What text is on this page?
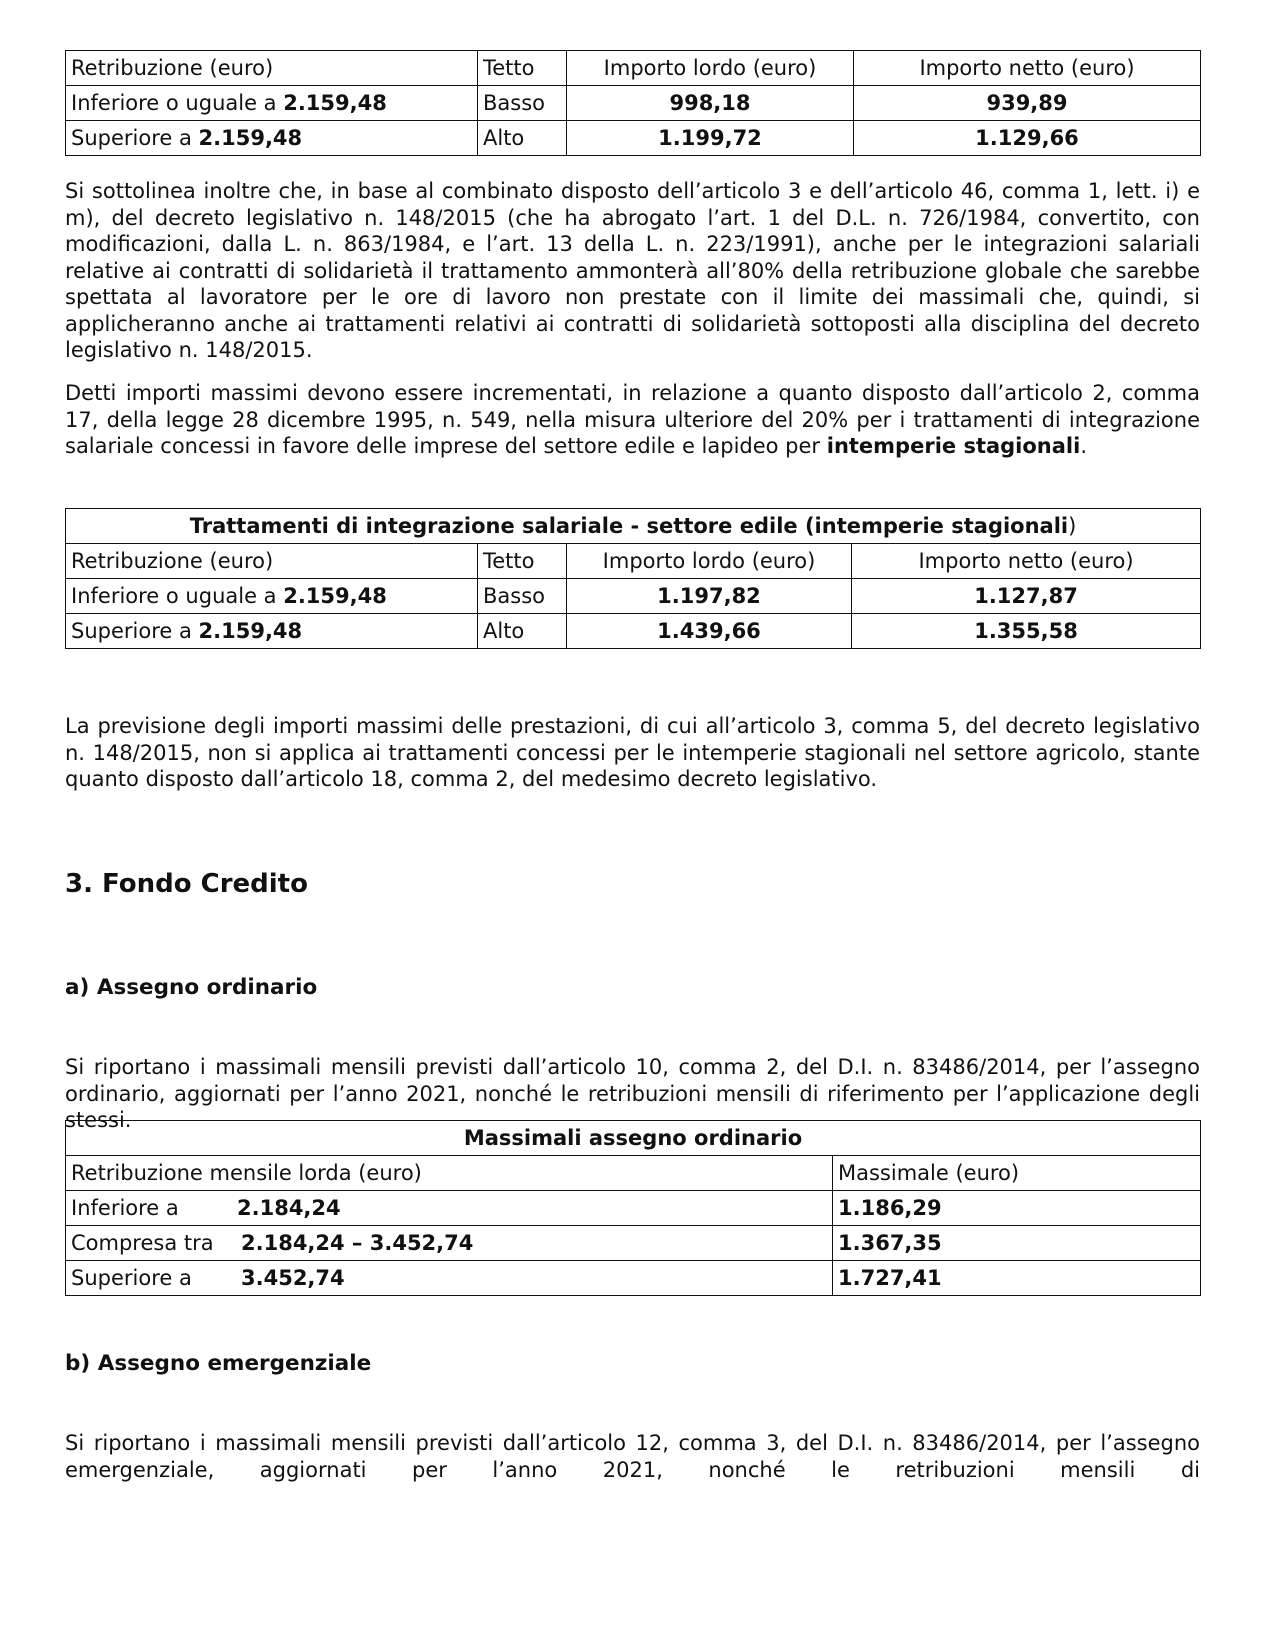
Retribuzione (euro)	Tetto	Importo lordo (euro)	Importo netto (euro)
Inferiore o uguale a 2.159,48	Basso	998,18	939,89
Superiore a 2.159,48	Alto	1.199,72	1.129,66

Si sottolinea inoltre che, in base al combinato disposto dell’articolo 3 e dell’articolo 46, comma 1, lett. i) e m), del decreto legislativo n. 148/2015 (che ha abrogato l’art. 1 del D.L. n. 726/1984, convertito, con modificazioni, dalla L. n. 863/1984, e l’art. 13 della L. n. 223/1991), anche per le integrazioni salariali relative ai contratti di solidarietà il trattamento ammonterà all’80% della retribuzione globale che sarebbe spettata al lavoratore per le ore di lavoro non prestate con il limite dei massimali che, quindi, si applicheranno anche ai trattamenti relativi ai contratti di solidarietà sottoposti alla disciplina del decreto legislativo n. 148/2015.

Detti importi massimi devono essere incrementati, in relazione a quanto disposto dall’articolo 2, comma 17, della legge 28 dicembre 1995, n. 549, nella misura ulteriore del 20% per i trattamenti di integrazione salariale concessi in favore delle imprese del settore edile e lapideo per intemperie stagionali.

Trattamenti di integrazione salariale - settore edile (intemperie stagionali)			
Retribuzione (euro)	Tetto	Importo lordo (euro)	Importo netto (euro)
Inferiore o uguale a 2.159,48	Basso	1.197,82	1.127,87
Superiore a 2.159,48	Alto	1.439,66	1.355,58

La previsione degli importi massimi delle prestazioni, di cui all’articolo 3, comma 5, del decreto legislativo n. 148/2015, non si applica ai trattamenti concessi per le intemperie stagionali nel settore agricolo, stante quanto disposto dall’articolo 18, comma 2, del medesimo decreto legislativo.

3. Fondo Credito
a) Assegno ordinario

Si riportano i massimali mensili previsti dall’articolo 10, comma 2, del D.I. n. 83486/2014, per l’assegno ordinario, aggiornati per l’anno 2021, nonché le retribuzioni mensili di riferimento per l’applicazione degli stessi.

Massimali assegno ordinario	
Retribuzione mensile lorda (euro)	Massimale (euro)
Inferiore a 2.184,24	1.186,29
Compresa tra 2.184,24 – 3.452,74	1.367,35
Superiore a 3.452,74	1.727,41
b) Assegno emergenziale

Si riportano i massimali mensili previsti dall’articolo 12, comma 3, del D.I. n. 83486/2014, per l’assegno emergenziale, aggiornati per l’anno 2021, nonché le retribuzioni mensili di
